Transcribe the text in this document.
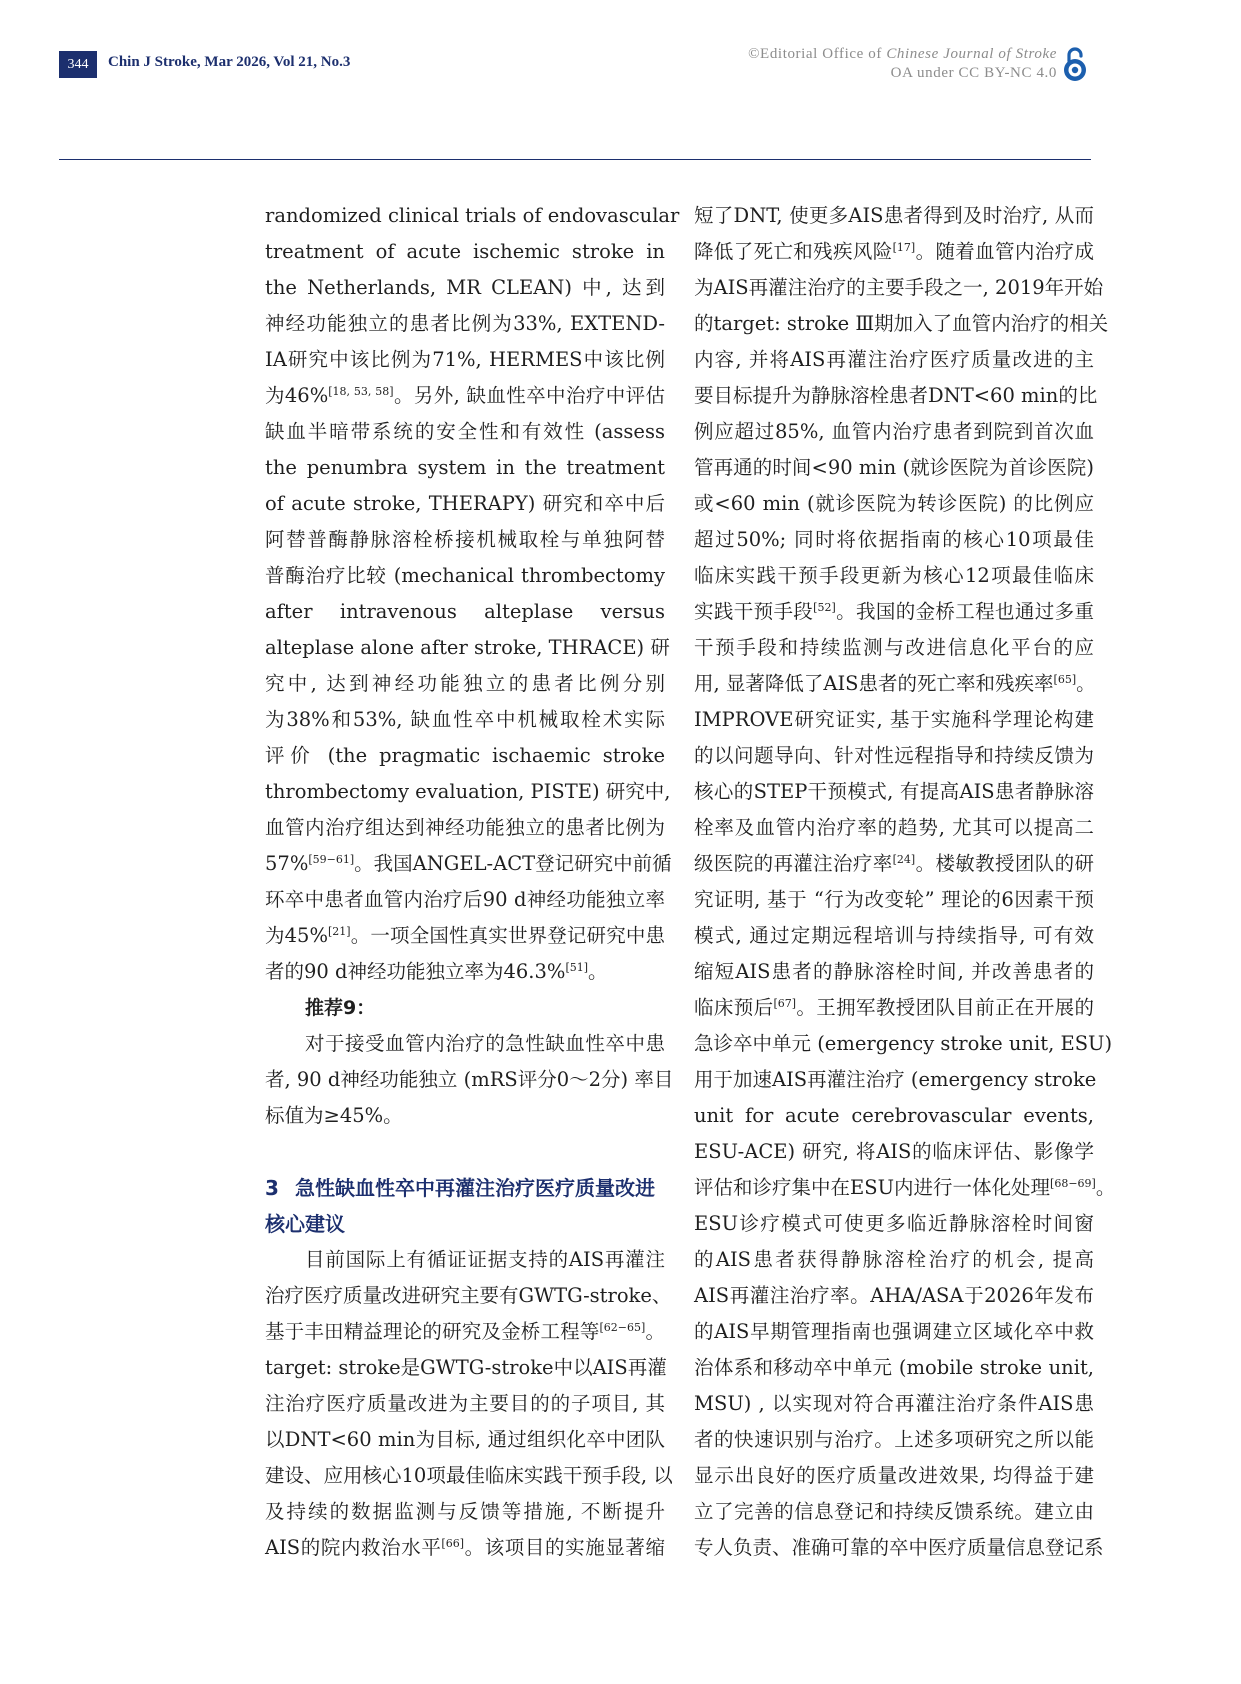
344	Chin J Stroke, Mar 2026, Vol 21, No.3	©Editorial Office of Chinese Journal of Stroke
OA under CC BY-NC 4.0
randomized clinical trials of endovascular
treatment of acute ischemic stroke in
the Netherlands, MR CLEAN) 中, 达到
神经功能独立的患者比例为33%, EXTEND-
IA研究中该比例为71%, HERMES中该比例
为46%[18, 53, 58]。另外, 缺血性卒中治疗中评估
缺血半暗带系统的安全性和有效性 (assess
the penumbra system in the treatment
of acute stroke, THERAPY) 研究和卒中后
阿替普酶静脉溶栓桥接机械取栓与单独阿替
普酶治疗比较 (mechanical thrombectomy
after intravenous alteplase versus
alteplase alone after stroke, THRACE) 研
究中, 达到神经功能独立的患者比例分别
为38%和53%, 缺血性卒中机械取栓术实际
评价 (the pragmatic ischaemic stroke
thrombectomy evaluation, PISTE) 研究中,
血管内治疗组达到神经功能独立的患者比例为
57%[59−61]。我国ANGEL-ACT登记研究中前循
环卒中患者血管内治疗后90 d神经功能独立率
为45%[21]。一项全国性真实世界登记研究中患
者的90 d神经功能独立率为46.3%[51]。
推荐9：
对于接受血管内治疗的急性缺血性卒中患
者, 90 d神经功能独立 (mRS评分0～2分) 率目
标值为≥45%。
3 急性缺血性卒中再灌注治疗医疗质量改进
核心建议
目前国际上有循证证据支持的AIS再灌注
治疗医疗质量改进研究主要有GWTG-stroke、
基于丰田精益理论的研究及金桥工程等[62−65]。
target: stroke是GWTG-stroke中以AIS再灌
注治疗医疗质量改进为主要目的的子项目, 其
以DNT<60 min为目标, 通过组织化卒中团队
建设、应用核心10项最佳临床实践干预手段, 以
及持续的数据监测与反馈等措施, 不断提升
AIS的院内救治水平[66]。该项目的实施显著缩
短了DNT, 使更多AIS患者得到及时治疗, 从而
降低了死亡和残疾风险[17]。随着血管内治疗成
为AIS再灌注治疗的主要手段之一, 2019年开始
的target: stroke Ⅲ期加入了血管内治疗的相关
内容, 并将AIS再灌注治疗医疗质量改进的主
要目标提升为静脉溶栓患者DNT<60 min的比
例应超过85%, 血管内治疗患者到院到首次血
管再通的时间<90 min (就诊医院为首诊医院)
或<60 min (就诊医院为转诊医院) 的比例应
超过50%; 同时将依据指南的核心10项最佳
临床实践干预手段更新为核心12项最佳临床
实践干预手段[52]。我国的金桥工程也通过多重
干预手段和持续监测与改进信息化平台的应
用, 显著降低了AIS患者的死亡率和残疾率[65]。
IMPROVE研究证实, 基于实施科学理论构建
的以问题导向、针对性远程指导和持续反馈为
核心的STEP干预模式, 有提高AIS患者静脉溶
栓率及血管内治疗率的趋势, 尤其可以提高二
级医院的再灌注治疗率[24]。楼敏教授团队的研
究证明, 基于 “行为改变轮” 理论的6因素干预
模式, 通过定期远程培训与持续指导, 可有效
缩短AIS患者的静脉溶栓时间, 并改善患者的
临床预后[67]。王拥军教授团队目前正在开展的
急诊卒中单元 (emergency stroke unit, ESU)
用于加速AIS再灌注治疗 (emergency stroke
unit for acute cerebrovascular events,
ESU-ACE) 研究, 将AIS的临床评估、影像学
评估和诊疗集中在ESU内进行一体化处理[68−69]。
ESU诊疗模式可使更多临近静脉溶栓时间窗
的AIS患者获得静脉溶栓治疗的机会, 提高
AIS再灌注治疗率。AHA/ASA于2026年发布
的AIS早期管理指南也强调建立区域化卒中救
治体系和移动卒中单元 (mobile stroke unit,
MSU) , 以实现对符合再灌注治疗条件AIS患
者的快速识别与治疗。上述多项研究之所以能
显示出良好的医疗质量改进效果, 均得益于建
立了完善的信息登记和持续反馈系统。建立由
专人负责、准确可靠的卒中医疗质量信息登记系
